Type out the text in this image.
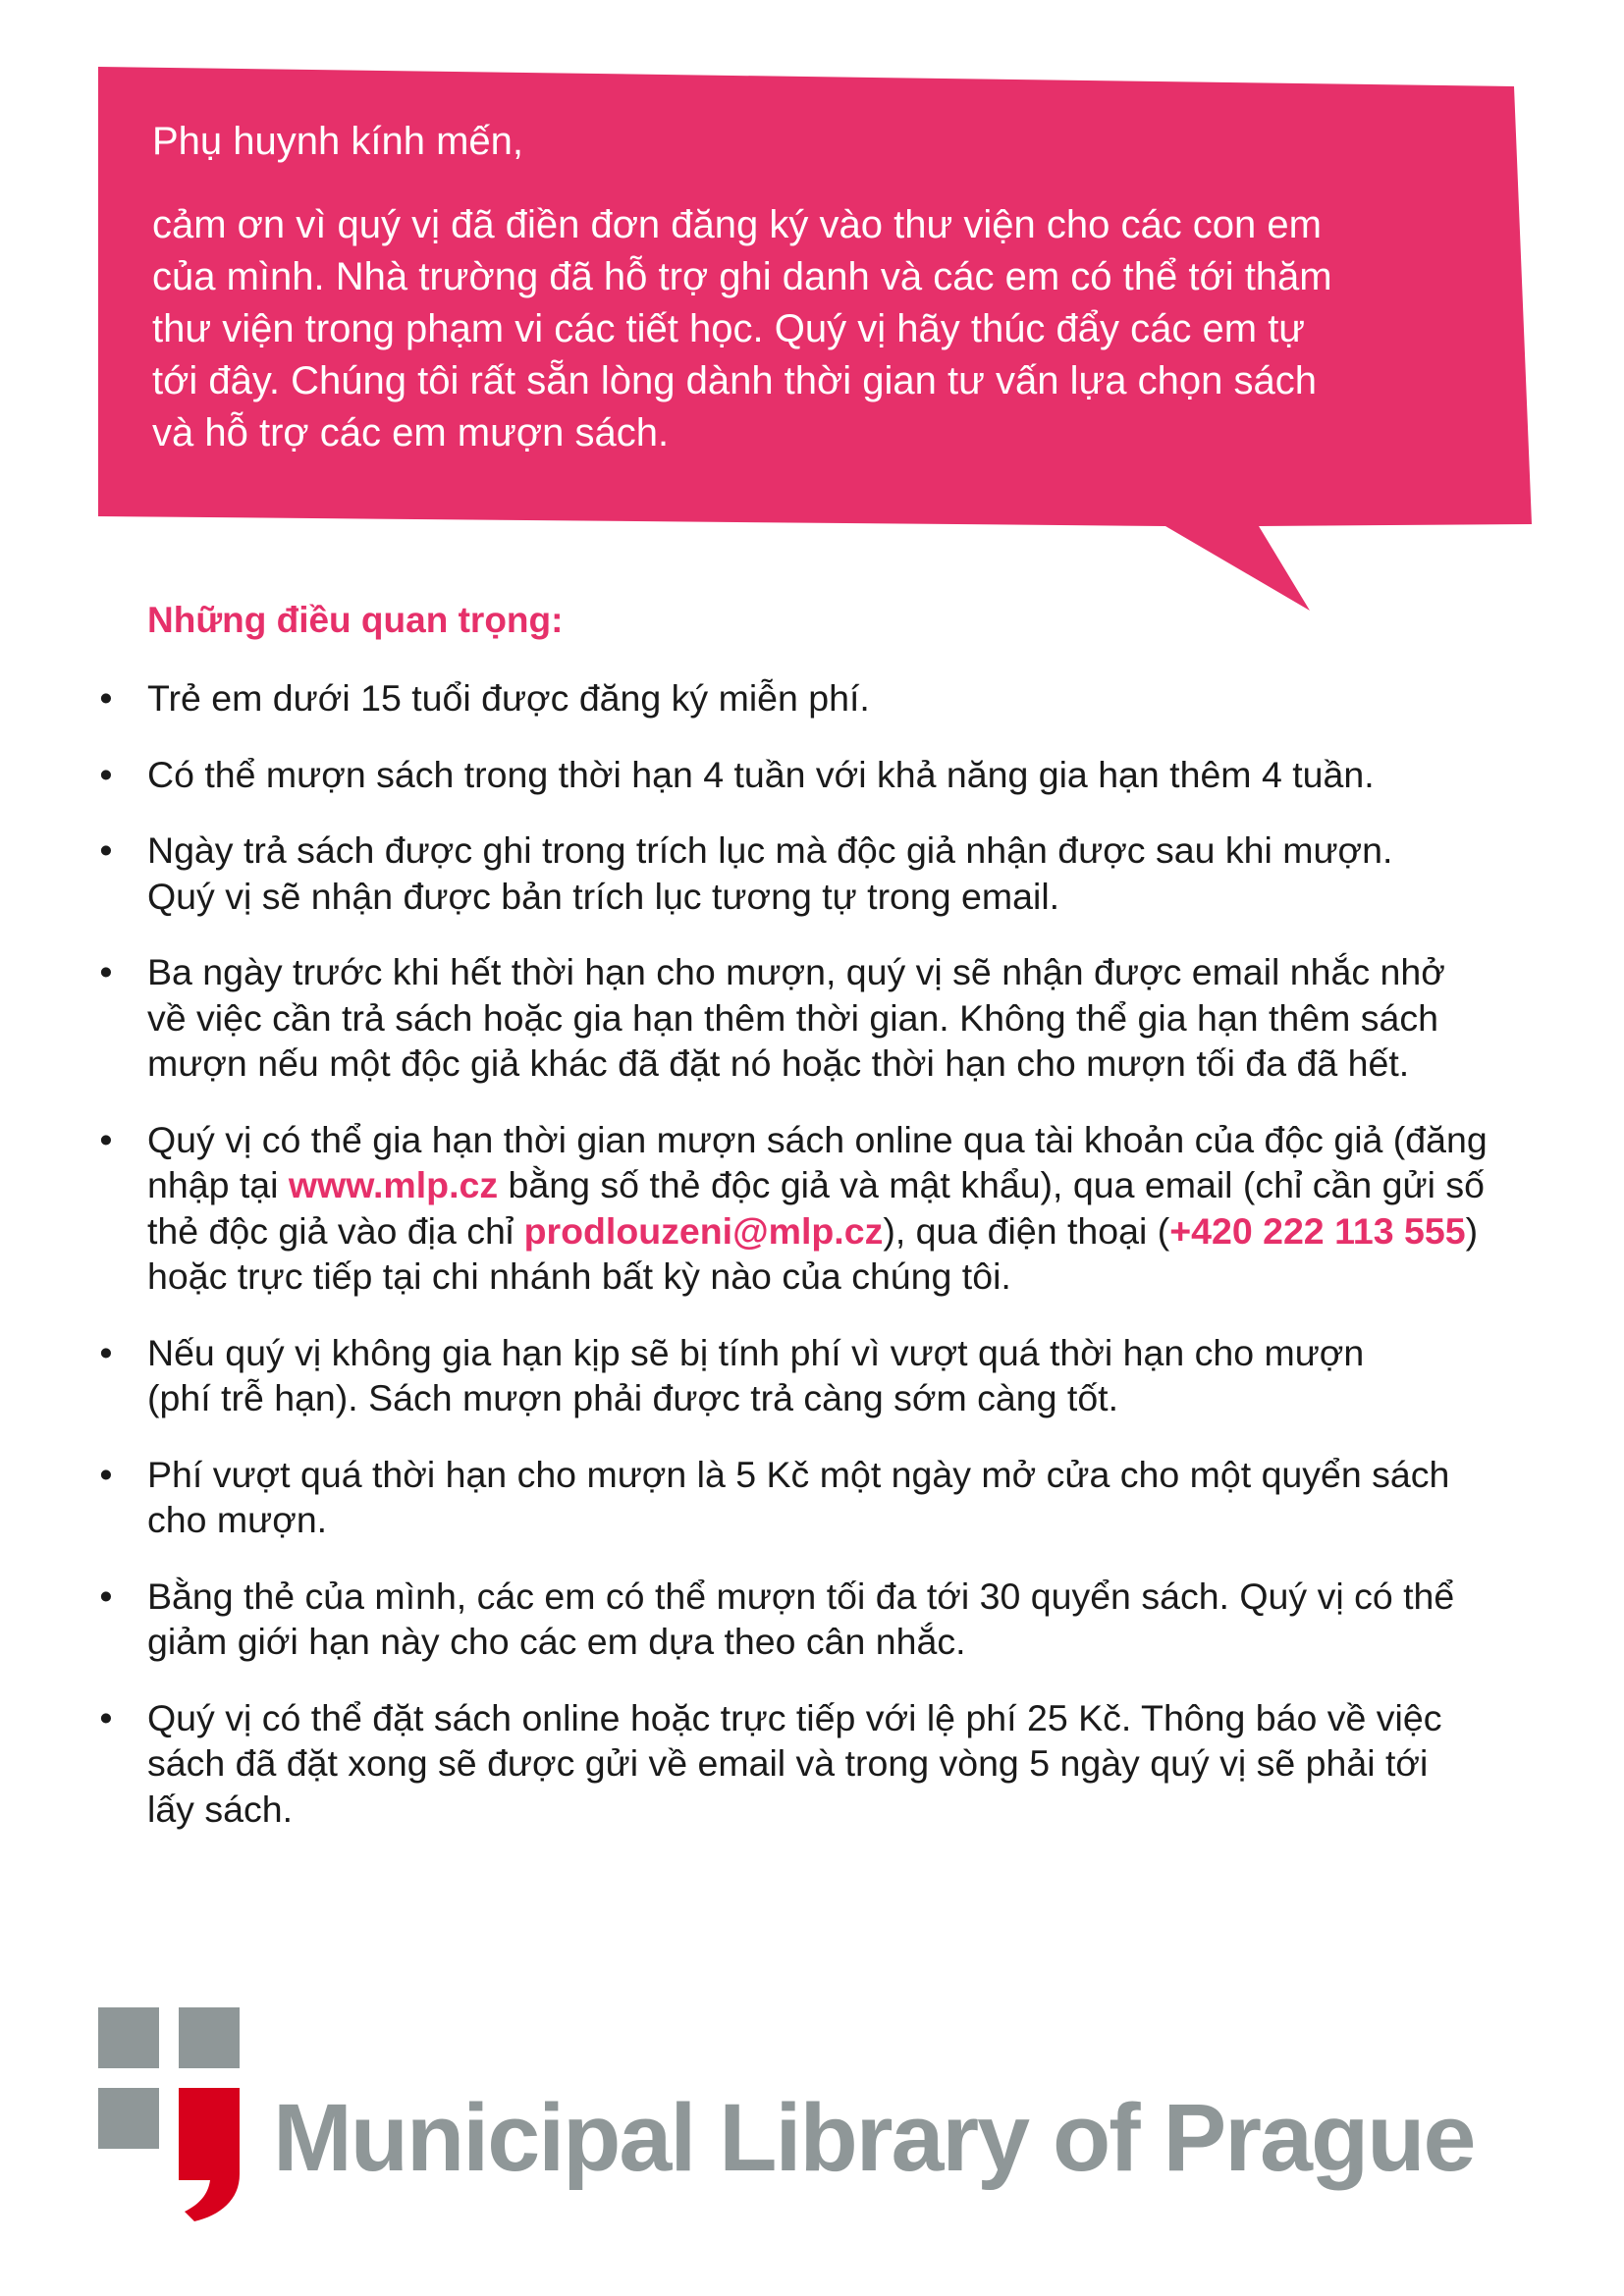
Phụ huynh kính mến,

cảm ơn vì quý vị đã điền đơn đăng ký vào thư viện cho các con em
của mình. Nhà trường đã hỗ trợ ghi danh và các em có thể tới thăm
thư viện trong phạm vi các tiết học. Quý vị hãy thúc đẩy các em tự
tới đây. Chúng tôi rất sẵn lòng dành thời gian tư vấn lựa chọn sách
và hỗ trợ các em mượn sách.

Những điều quan trọng:
• Trẻ em dưới 15 tuổi được đăng ký miễn phí.
• Có thể mượn sách trong thời hạn 4 tuần với khả năng gia hạn thêm 4 tuần.
• Ngày trả sách được ghi trong trích lục mà độc giả nhận được sau khi mượn.
Quý vị sẽ nhận được bản trích lục tương tự trong email.
• Ba ngày trước khi hết thời hạn cho mượn, quý vị sẽ nhận được email nhắc nhở
về việc cần trả sách hoặc gia hạn thêm thời gian. Không thể gia hạn thêm sách
mượn nếu một độc giả khác đã đặt nó hoặc thời hạn cho mượn tối đa đã hết.
• Quý vị có thể gia hạn thời gian mượn sách online qua tài khoản của độc giả (đăng
nhập tại www.mlp.cz bằng số thẻ độc giả và mật khẩu), qua email (chỉ cần gửi số
thẻ độc giả vào địa chỉ prodlouzeni@mlp.cz), qua điện thoại (+420 222 113 555)
hoặc trực tiếp tại chi nhánh bất kỳ nào của chúng tôi.
• Nếu quý vị không gia hạn kịp sẽ bị tính phí vì vượt quá thời hạn cho mượn
(phí trễ hạn). Sách mượn phải được trả càng sớm càng tốt.
• Phí vượt quá thời hạn cho mượn là 5 Kč một ngày mở cửa cho một quyển sách
cho mượn.
• Bằng thẻ của mình, các em có thể mượn tối đa tới 30 quyển sách. Quý vị có thể
giảm giới hạn này cho các em dựa theo cân nhắc.
• Quý vị có thể đặt sách online hoặc trực tiếp với lệ phí 25 Kč. Thông báo về việc
sách đã đặt xong sẽ được gửi về email và trong vòng 5 ngày quý vị sẽ phải tới
lấy sách.
Municipal Library of Prague
